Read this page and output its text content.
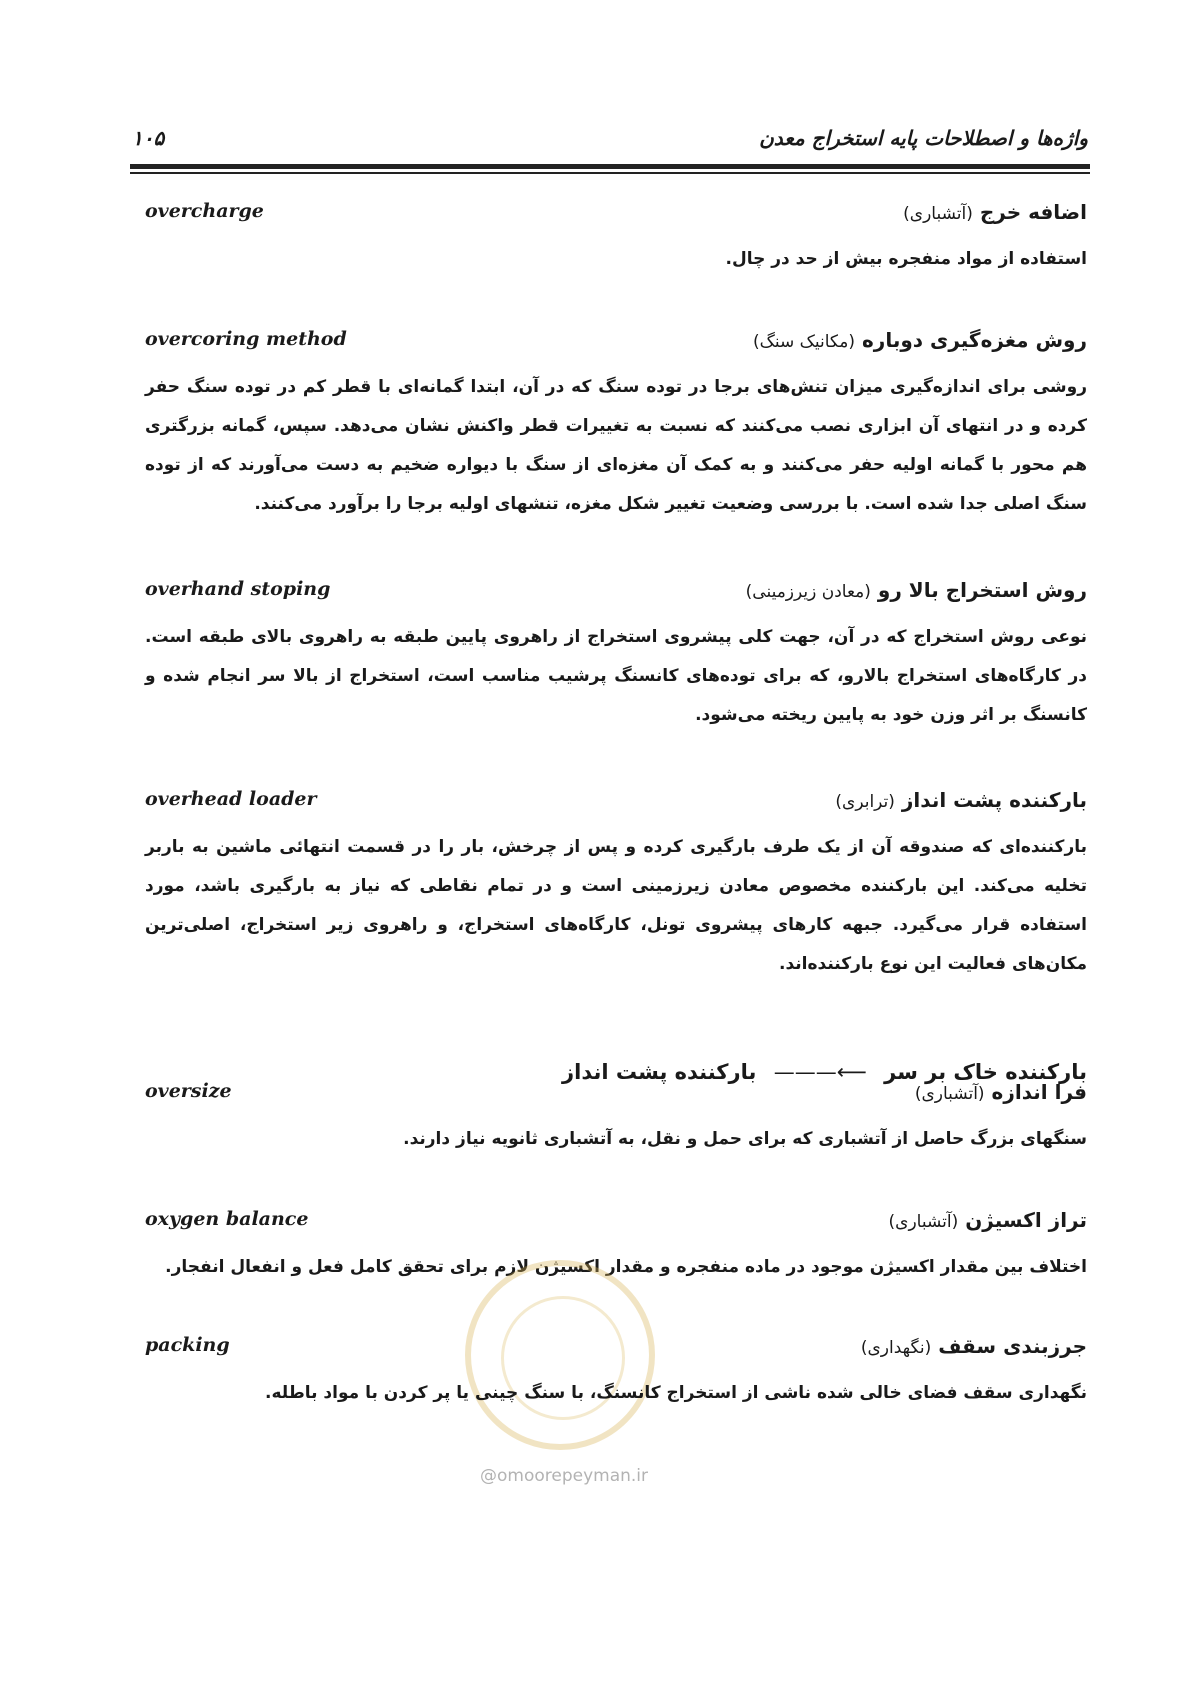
واژه‌ها و اصطلاحات پایه استخراج معدن
۱۰۵
overcharge	اضافه خرج (آتشباری)
استفاده از مواد منفجره بیش از حد در چال.
overcoring method	روش مغزه‌گیری دوباره (مکانیک سنگ)
روشی برای اندازه‌گیری میزان تنش‌های برجا در توده سنگ که در آن، ابتدا گمانه‌ای با قطر کم در توده سنگ حفر کرده و در انتهای آن ابزاری نصب می‌کنند که نسبت به تغییرات قطر واکنش نشان می‌دهد. سپس، گمانه بزرگتری هم محور با گمانه اولیه حفر می‌کنند و به کمک آن مغزه‌ای از سنگ با دیواره ضخیم به دست می‌آورند که از توده سنگ اصلی جدا شده است. با بررسی وضعیت تغییر شکل مغزه، تنشهای اولیه برجا را برآورد می‌کنند.
overhand stoping	روش استخراج بالا رو (معادن زیرزمینی)
نوعی روش استخراج که در آن، جهت کلی پیشروی استخراج از راهروی پایین طبقه به راهروی بالای طبقه است. در کارگاه‌های استخراج بالارو، که برای توده‌های کانسنگ پرشیب مناسب است، استخراج از بالا سر انجام شده و کانسنگ بر اثر وزن خود به پایین ریخته می‌شود.
overhead loader	بارکننده پشت انداز (ترابری)
بارکننده‌ای که صندوقه آن از یک طرف بارگیری کرده و پس از چرخش، بار را در قسمت انتهائی ماشین به باربر تخلیه می‌کند. این بارکننده مخصوص معادن زیرزمینی است و در تمام نقاطی که نیاز به بارگیری باشد، مورد استفاده قرار می‌گیرد. جبهه کارهای پیشروی تونل، کارگاه‌های استخراج، و راهروی زیر استخراج، اصلی‌ترین مکان‌های فعالیت این نوع بارکننده‌اند.
بارکننده خاک بر سر ⟵——— بارکننده پشت انداز
oversize	فرا اندازه (آتشباری)
سنگهای بزرگ حاصل از آتشباری که برای حمل و نقل، به آتشباری ثانویه نیاز دارند.
oxygen balance	تراز اکسیژن (آتشباری)
اختلاف بین مقدار اکسیژن موجود در ماده منفجره و مقدار اکسیژن لازم برای تحقق کامل فعل و انفعال انفجار.
packing	جرزبندی سقف (نگهداری)
نگهداری سقف فضای خالی شده ناشی از استخراج کانسنگ، با سنگ چینی یا پر کردن با مواد باطله.
@omoorepeyman.ir
